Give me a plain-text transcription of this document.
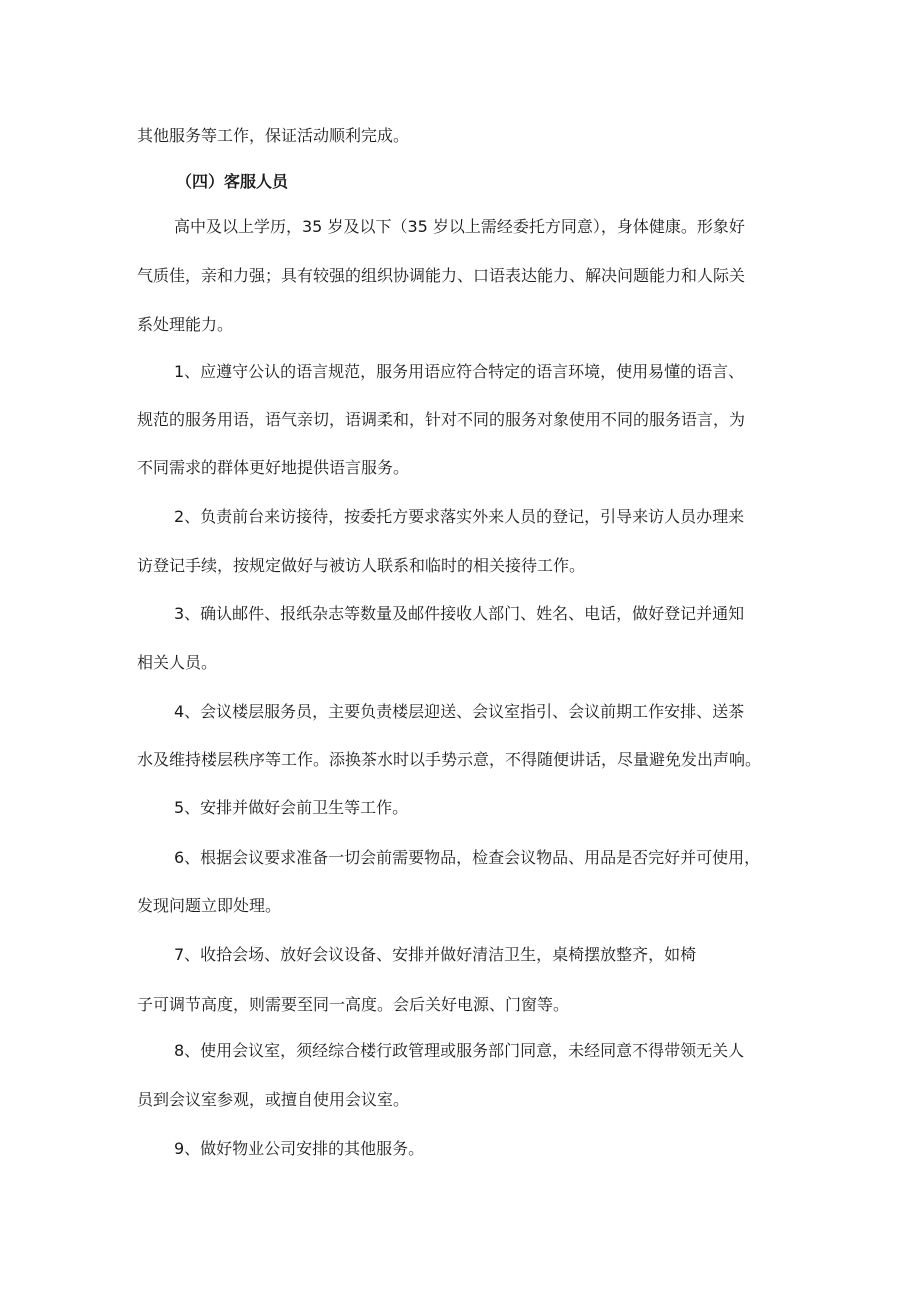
其他服务等工作，保证活动顺利完成。

（四）客服人员

高中及以上学历，35 岁及以下（35 岁以上需经委托方同意），身体健康。形象好

气质佳，亲和力强；具有较强的组织协调能力、口语表达能力、解决问题能力和人际关

系处理能力。

1、应遵守公认的语言规范，服务用语应符合特定的语言环境，使用易懂的语言、

规范的服务用语，语气亲切，语调柔和，针对不同的服务对象使用不同的服务语言，为

不同需求的群体更好地提供语言服务。

2、负责前台来访接待，按委托方要求落实外来人员的登记，引导来访人员办理来

访登记手续，按规定做好与被访人联系和临时的相关接待工作。

3、确认邮件、报纸杂志等数量及邮件接收人部门、姓名、电话，做好登记并通知

相关人员。

4、会议楼层服务员，主要负责楼层迎送、会议室指引、会议前期工作安排、送茶

水及维持楼层秩序等工作。添换茶水时以手势示意，不得随便讲话，尽量避免发出声响。

5、安排并做好会前卫生等工作。

6、根据会议要求准备一切会前需要物品，检查会议物品、用品是否完好并可使用，

发现问题立即处理。

7、收拾会场、放好会议设备、安排并做好清洁卫生，桌椅摆放整齐，如椅

子可调节高度，则需要至同一高度。会后关好电源、门窗等。

8、使用会议室，须经综合楼行政管理或服务部门同意，未经同意不得带领无关人

员到会议室参观，或擅自使用会议室。

9、做好物业公司安排的其他服务。
